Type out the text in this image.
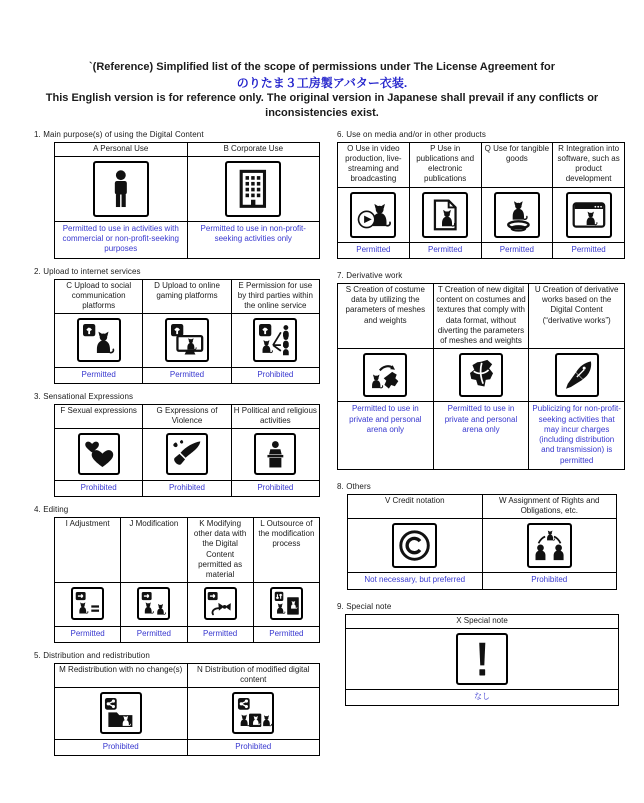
`(Reference) Simplified list of the scope of permissions under The License Agreement for
のりたま３工房製アバター衣装.
This English version is for reference only. The original version in Japanese shall prevail if any conflicts or inconsistencies exist.
1. Main purpose(s) of using the Digital Content
A Personal Use	B Corporate Use

Permitted to use in activities with commercial or non-profit-seeking purposes	Permitted to use in non-profit-seeking activities only
2. Upload to internet services
C Upload to social communication platforms	D Upload to online gaming platforms	E Permission for use by third parties within the online service

Permitted	Permitted	Prohibited
3. Sensational Expressions
F Sexual expressions	G Expressions of Violence	H Political and religious activities

Prohibited	Prohibited	Prohibited
4. Editing
I Adjustment	J Modification	K Modifying other data with the Digital Content permitted as material	L Outsource of the modification process

Permitted	Permitted	Permitted	Permitted
5. Distribution and redistribution
M Redistribution with no change(s)	N Distribution of modified digital content

Prohibited	Prohibited
6. Use on media and/or in other products
O Use in video production, live-streaming and broadcasting	P Use in publications and electronic publications	Q Use for tangible goods	R Integration into software, such as product development

Permitted	Permitted	Permitted	Permitted
7. Derivative work
S Creation of costume data by utilizing the parameters of meshes and weights	T Creation of new digital content on costumes and textures that comply with data format, without diverting the parameters of meshes and weights	U Creation of derivative works based on the Digital Content (“derivative works”)

Permitted to use in private and personal arena only	Permitted to use in private and personal arena only	Publicizing for non-profit-seeking activities that may incur charges (including distribution and transmission) is permitted
8. Others
V Credit notation	W Assignment of Rights and Obligations, etc.

Not necessary, but preferred	Prohibited
9. Special note
X Special note

なし
